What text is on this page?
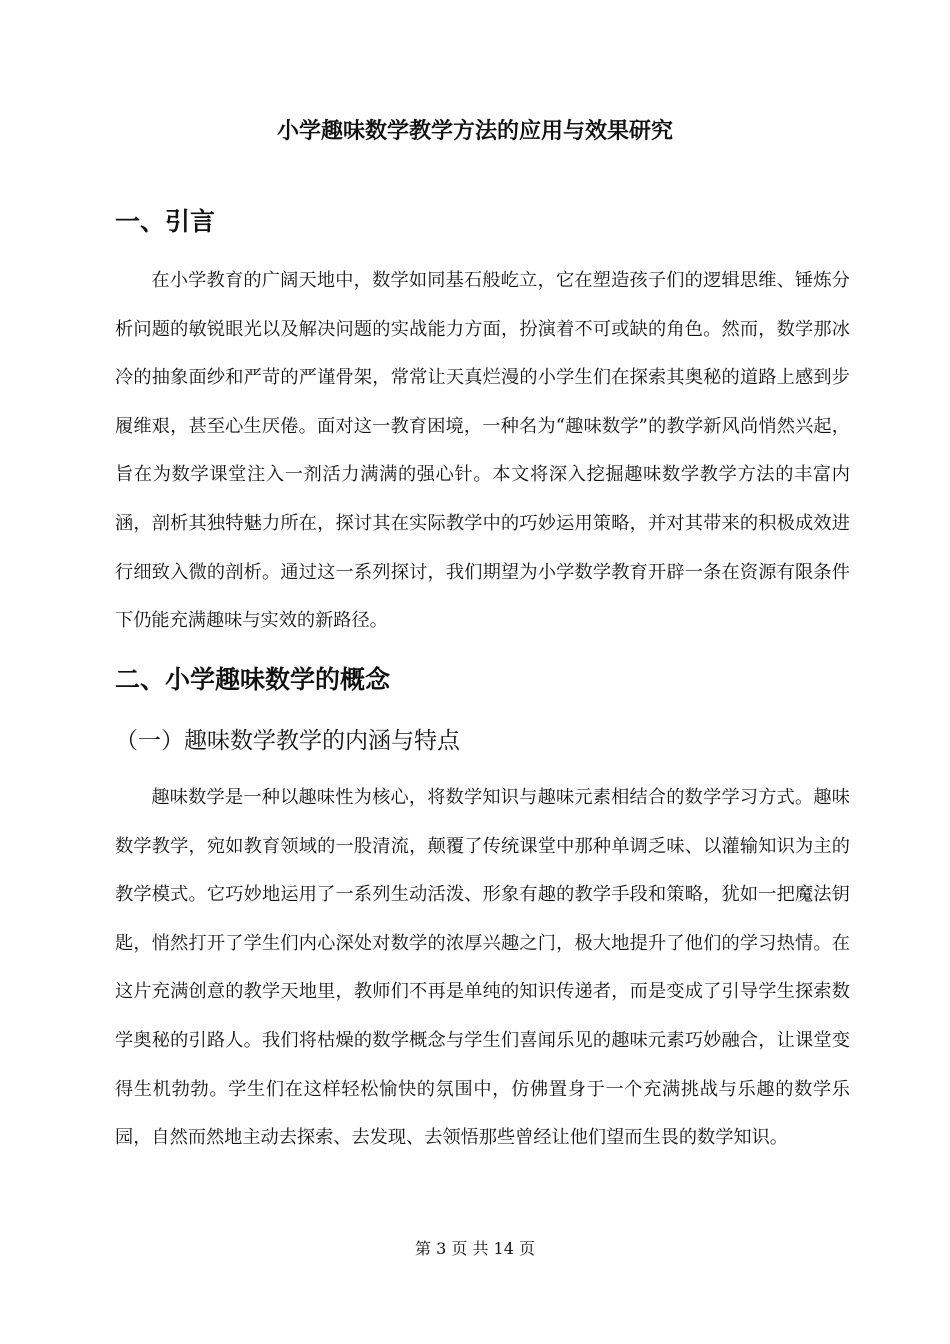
小学趣味数学教学方法的应用与效果研究
一、引言

在小学教育的广阔天地中，数学如同基石般屹立，它在塑造孩子们的逻辑思维、锤炼分析问题的敏锐眼光以及解决问题的实战能力方面，扮演着不可或缺的角色。然而，数学那冰冷的抽象面纱和严苛的严谨骨架，常常让天真烂漫的小学生们在探索其奥秘的道路上感到步履维艰，甚至心生厌倦。面对这一教育困境，一种名为“趣味数学”的教学新风尚悄然兴起，旨在为数学课堂注入一剂活力满满的强心针。本文将深入挖掘趣味数学教学方法的丰富内涵，剖析其独特魅力所在，探讨其在实际教学中的巧妙运用策略，并对其带来的积极成效进行细致入微的剖析。通过这一系列探讨，我们期望为小学数学教育开辟一条在资源有限条件下仍能充满趣味与实效的新路径。

二、小学趣味数学的概念
（一）趣味数学教学的内涵与特点

趣味数学是一种以趣味性为核心，将数学知识与趣味元素相结合的数学学习方式。趣味数学教学，宛如教育领域的一股清流，颠覆了传统课堂中那种单调乏味、以灌输知识为主的教学模式。它巧妙地运用了一系列生动活泼、形象有趣的教学手段和策略，犹如一把魔法钥匙，悄然打开了学生们内心深处对数学的浓厚兴趣之门，极大地提升了他们的学习热情。在这片充满创意的教学天地里，教师们不再是单纯的知识传递者，而是变成了引导学生探索数学奥秘的引路人。我们将枯燥的数学概念与学生们喜闻乐见的趣味元素巧妙融合，让课堂变得生机勃勃。学生们在这样轻松愉快的氛围中，仿佛置身于一个充满挑战与乐趣的数学乐园，自然而然地主动去探索、去发现、去领悟那些曾经让他们望而生畏的数学知识。

第 3 页 共 14 页
